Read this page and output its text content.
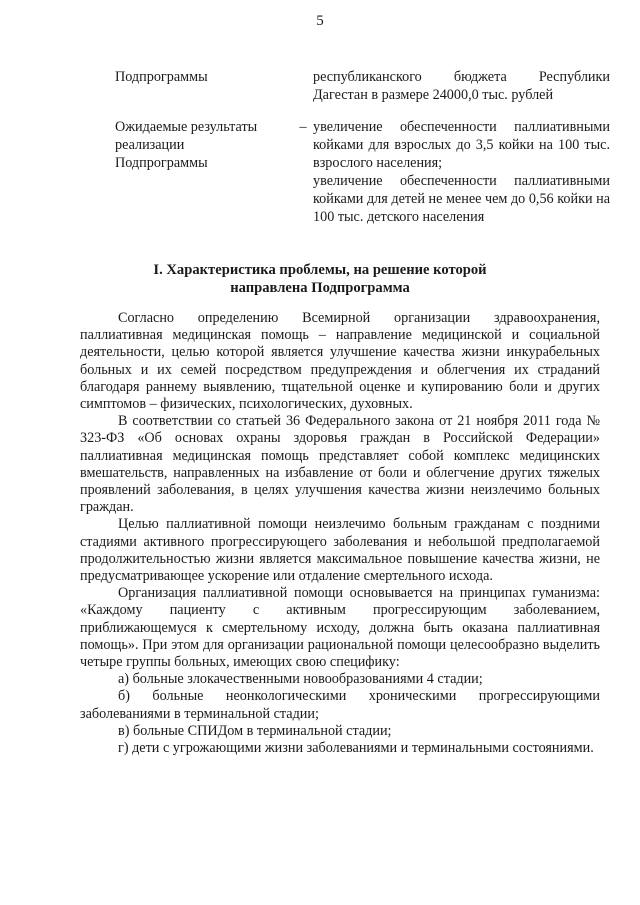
5
Подпрограммы	республиканского бюджета Республики Дагестан в размере 24000,0 тыс. рублей

Ожидаемые результаты
реализации
Подпрограммы
– увеличение обеспеченности паллиативными койками для взрослых до 3,5 койки на 100 тыс. взрослого населения;

увеличение обеспеченности паллиативными койками для детей не менее чем до 0,56 койки на 100 тыс. детского населения

I. Характеристика проблемы, на решение которой
направлена Подпрограмма

Согласно определению Всемирной организации здравоохранения, паллиативная медицинская помощь – направление медицинской и социальной деятельности, целью которой является улучшение качества жизни инкурабельных больных и их семей посредством предупреждения и облегчения их страданий благодаря раннему выявлению, тщательной оценке и купированию боли и других симптомов – физических, психологических, духовных.

В соответствии со статьей 36 Федерального закона от 21 ноября 2011 года № 323-ФЗ «Об основах охраны здоровья граждан в Российской Федерации» паллиативная медицинская помощь представляет собой комплекс медицинских вмешательств, направленных на избавление от боли и облегчение других тяжелых проявлений заболевания, в целях улучшения качества жизни неизлечимо больных граждан.

Целью паллиативной помощи неизлечимо больным гражданам с поздними стадиями активного прогрессирующего заболевания и небольшой предполагаемой продолжительностью жизни является максимальное повышение качества жизни, не предусматривающее ускорение или отдаление смертельного исхода.

Организация паллиативной помощи основывается на принципах гуманизма: «Каждому пациенту с активным прогрессирующим заболеванием, приближающемуся к смертельному исходу, должна быть оказана паллиативная помощь». При этом для организации рациональной помощи целесообразно выделить четыре группы больных, имеющих свою специфику:

а) больные злокачественными новообразованиями 4 стадии;

б) больные неонкологическими хроническими прогрессирующими заболеваниями в терминальной стадии;

в) больные СПИДом в терминальной стадии;

г) дети с угрожающими жизни заболеваниями и терминальными состояниями.
